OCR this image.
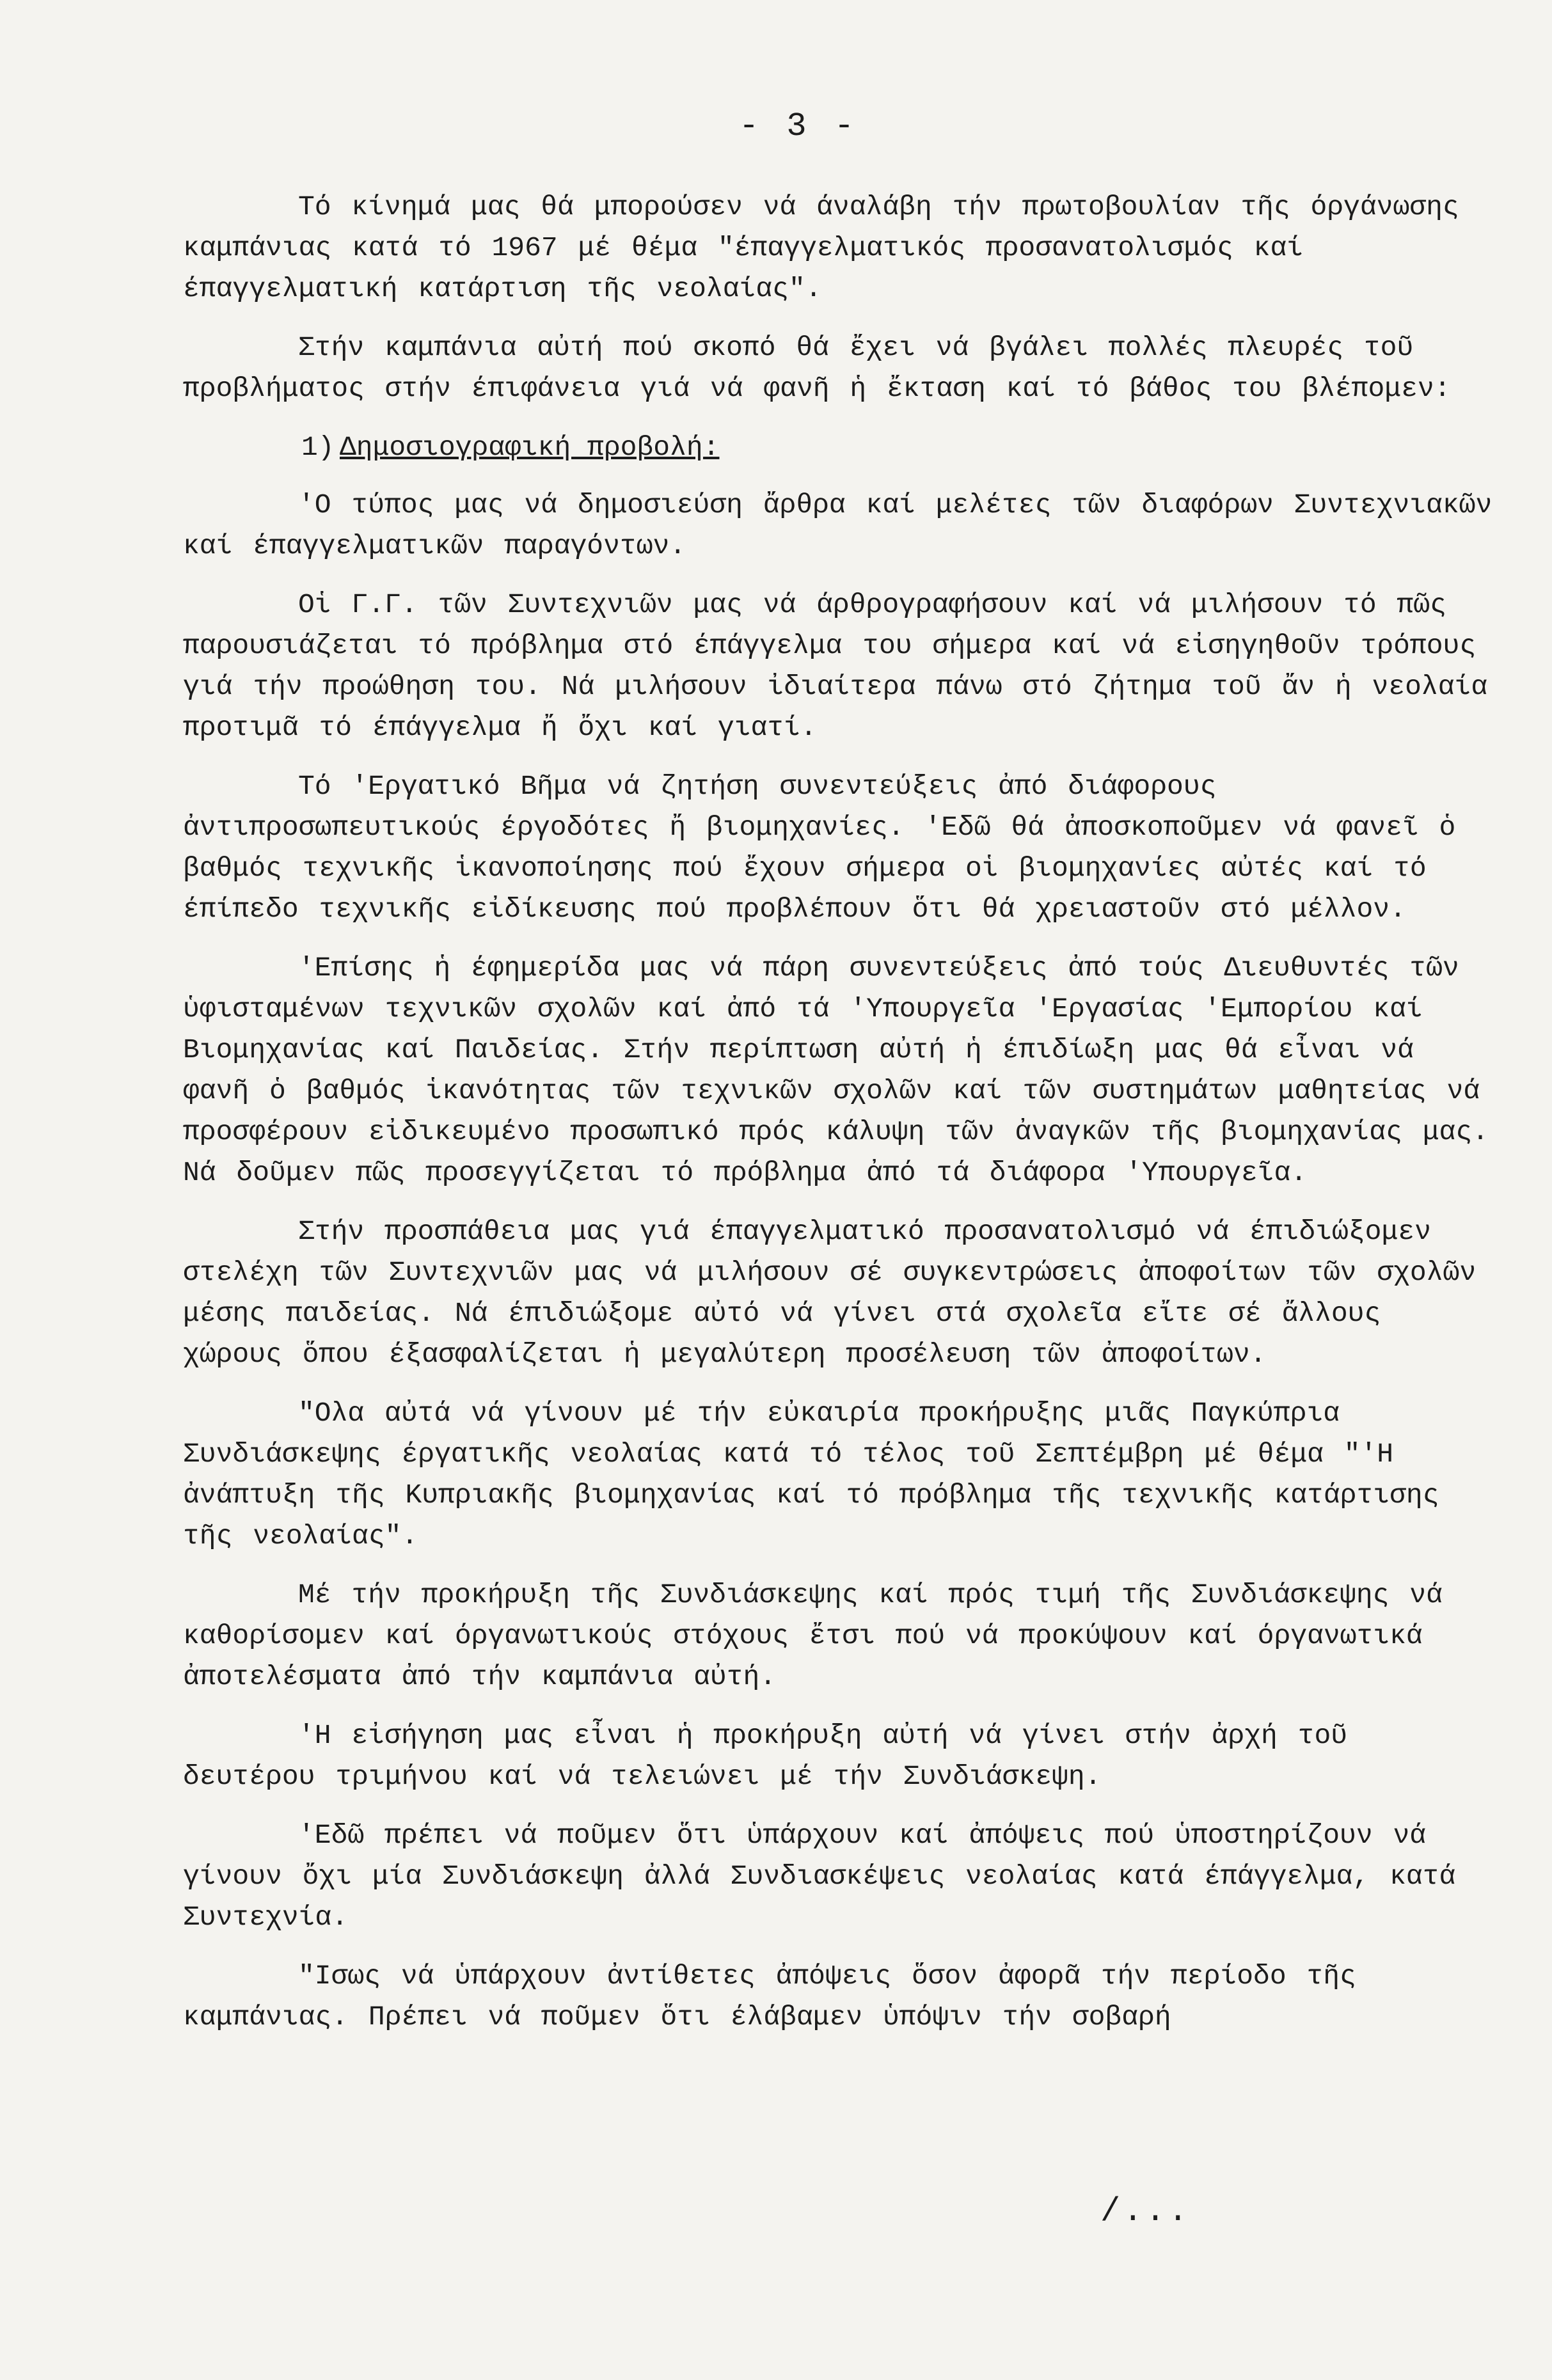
- 3 -

Τό κίνημά μας θά μπορούσεν νά άναλάβη τήν πρωτοβουλίαν τῆς όργάνωσης καμπάνιας κατά τό 1967 μέ θέμα "έπαγγελματικός προσανατολισμός καί έπαγγελματική κατάρτιση τῆς νεολαίας".

Στήν καμπάνια αὐτή πού σκοπό θά ἔχει νά βγάλει πολλές πλευρές τοῦ προβλήματος στήν έπιφάνεια γιά νά φανῆ ἡ ἔκταση καί τό βάθος του βλέπομεν:

1) Δημοσιογραφική προβολή:

'Ο τύπος μας νά δημοσιεύση ἄρθρα καί μελέτες τῶν διαφόρων Συντεχνιακῶν καί έπαγγελματικῶν παραγόντων.

Οἱ Γ.Γ. τῶν Συντεχνιῶν μας νά άρθρογραφήσουν καί νά μιλήσουν τό πῶς παρουσιάζεται τό πρόβλημα στό έπάγγελμα του σήμερα καί νά εἰσηγηθοῦν τρόπους γιά τήν προώθηση του. Νά μιλήσουν ἰδιαίτερα πάνω στό ζήτημα τοῦ ἄν ἡ νεολαία προτιμᾶ τό έπάγγελμα ἤ ὄχι καί γιατί.

Τό 'Εργατικό Βῆμα νά ζητήση συνεντεύξεις ἀπό διάφορους ἀντιπροσωπευτικούς έργοδότες ἤ βιομηχανίες. 'Εδῶ θά ἀποσκοποῦμεν νά φανεῖ ὁ βαθμός τεχνικῆς ἱκανοποίησης πού ἔχουν σήμερα οἱ βιομηχανίες αὐτές καί τό έπίπεδο τεχνικῆς εἰδίκευσης πού προβλέπουν ὅτι θά χρειαστοῦν στό μέλλον.

'Επίσης ἡ έφημερίδα μας νά πάρη συνεντεύξεις ἀπό τούς Διευθυντές τῶν ὑφισταμένων τεχνικῶν σχολῶν καί ἀπό τά 'Υπουργεῖα 'Εργασίας 'Εμπορίου καί Βιομηχανίας καί Παιδείας. Στήν περίπτωση αὐτή ἡ έπιδίωξη μας θά εἶναι νά φανῆ ὁ βαθμός ἱκανότητας τῶν τεχνικῶν σχολῶν καί τῶν συστημάτων μαθητείας νά προσφέρουν εἰδικευμένο προσωπικό πρός κάλυψη τῶν ἀναγκῶν τῆς βιομηχανίας μας. Νά δοῦμεν πῶς προσεγγίζεται τό πρόβλημα ἀπό τά διάφορα 'Υπουργεῖα.

Στήν προσπάθεια μας γιά έπαγγελματικό προσανατολισμό νά έπιδιώξομεν στελέχη τῶν Συντεχνιῶν μας νά μιλήσουν σέ συγκεντρώσεις ἀποφοίτων τῶν σχολῶν μέσης παιδείας. Νά έπιδιώξομε αὐτό νά γίνει στά σχολεῖα εἴτε σέ ἄλλους χώρους ὅπου έξασφαλίζεται ἡ μεγαλύτερη προσέλευση τῶν ἀποφοίτων.

"Ολα αὐτά νά γίνουν μέ τήν εὐκαιρία προκήρυξης μιᾶς Παγκύπρια Συνδιάσκεψης έργατικῆς νεολαίας κατά τό τέλος τοῦ Σεπτέμβρη μέ θέμα "'Η ἀνάπτυξη τῆς Κυπριακῆς βιομηχανίας καί τό πρόβλημα τῆς τεχνικῆς κατάρτισης τῆς νεολαίας".

Μέ τήν προκήρυξη τῆς Συνδιάσκεψης καί πρός τιμή τῆς Συνδιάσκεψης νά καθορίσομεν καί όργανωτικούς στόχους ἔτσι πού νά προκύψουν καί όργανωτικά ἀποτελέσματα ἀπό τήν καμπάνια αὐτή.

'Η εἰσήγηση μας εἶναι ἡ προκήρυξη αὐτή νά γίνει στήν ἀρχή τοῦ δευτέρου τριμήνου καί νά τελειώνει μέ τήν Συνδιάσκεψη.

'Εδῶ πρέπει νά ποῦμεν ὅτι ὑπάρχουν καί ἀπόψεις πού ὑποστηρίζουν νά γίνουν ὄχι μία Συνδιάσκεψη ἀλλά Συνδιασκέψεις νεολαίας κατά έπάγγελμα, κατά Συντεχνία.

"Ισως νά ὑπάρχουν ἀντίθετες ἀπόψεις ὅσον ἀφορᾶ τήν περίοδο τῆς καμπάνιας. Πρέπει νά ποῦμεν ὅτι έλάβαμεν ὑπόψιν τήν σοβαρή

/...
